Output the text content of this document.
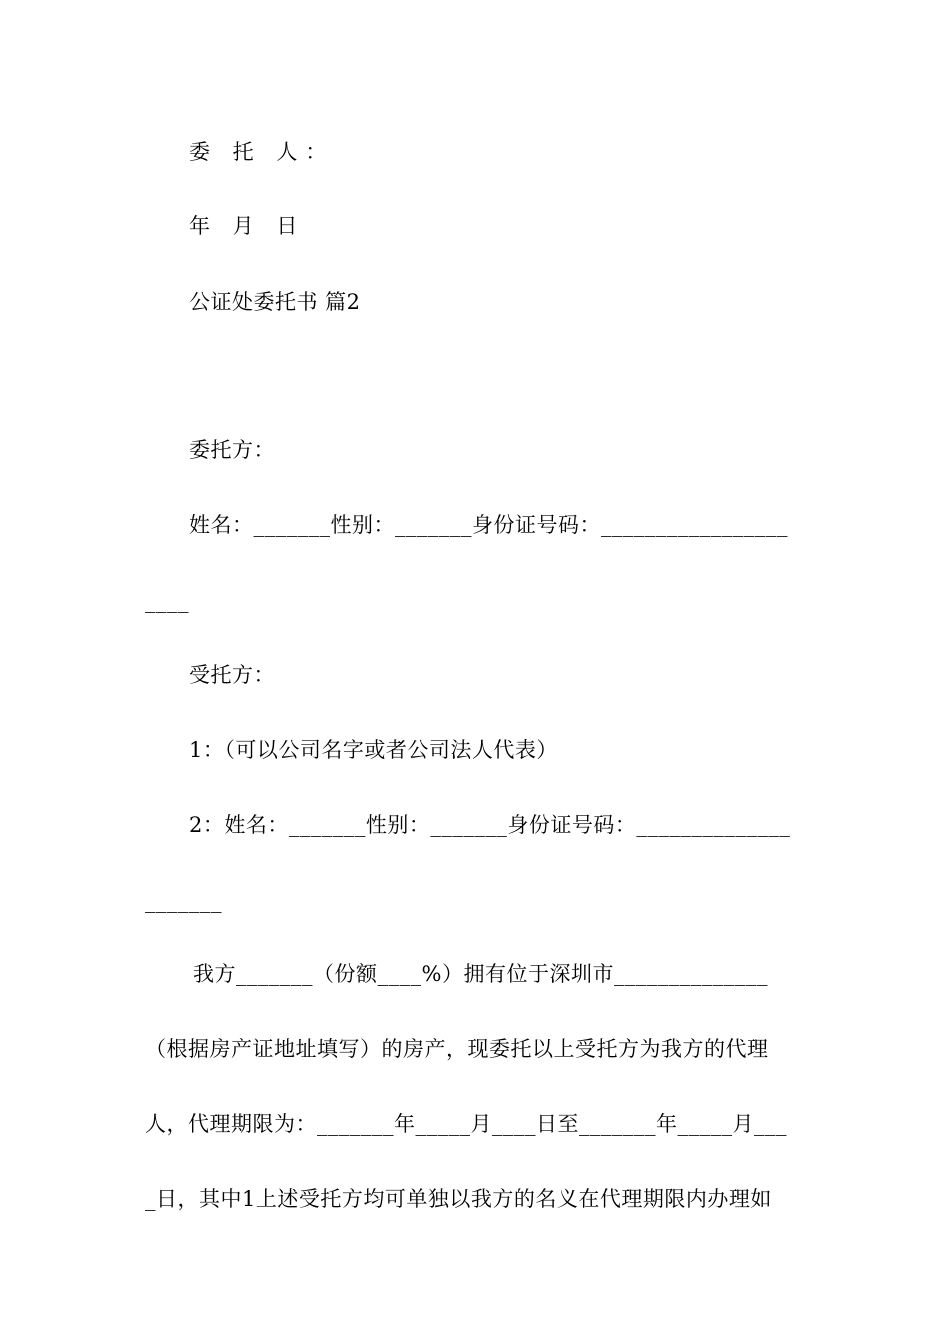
委 托 人：
年 月 日
公证处委托书 篇2
委托方：
姓名：_______性别：_______身份证号码：_________________
____
受托方：
1：（可以公司名字或者公司法人代表）
2：姓名：_______性别：_______身份证号码：______________
_______
我方_______（份额____%）拥有位于深圳市______________
（根据房产证地址填写）的房产，现委托以上受托方为我方的代理
人，代理期限为：_______年_____月____日至_______年_____月___
_日，其中1上述受托方均可单独以我方的名义在代理期限内办理如
